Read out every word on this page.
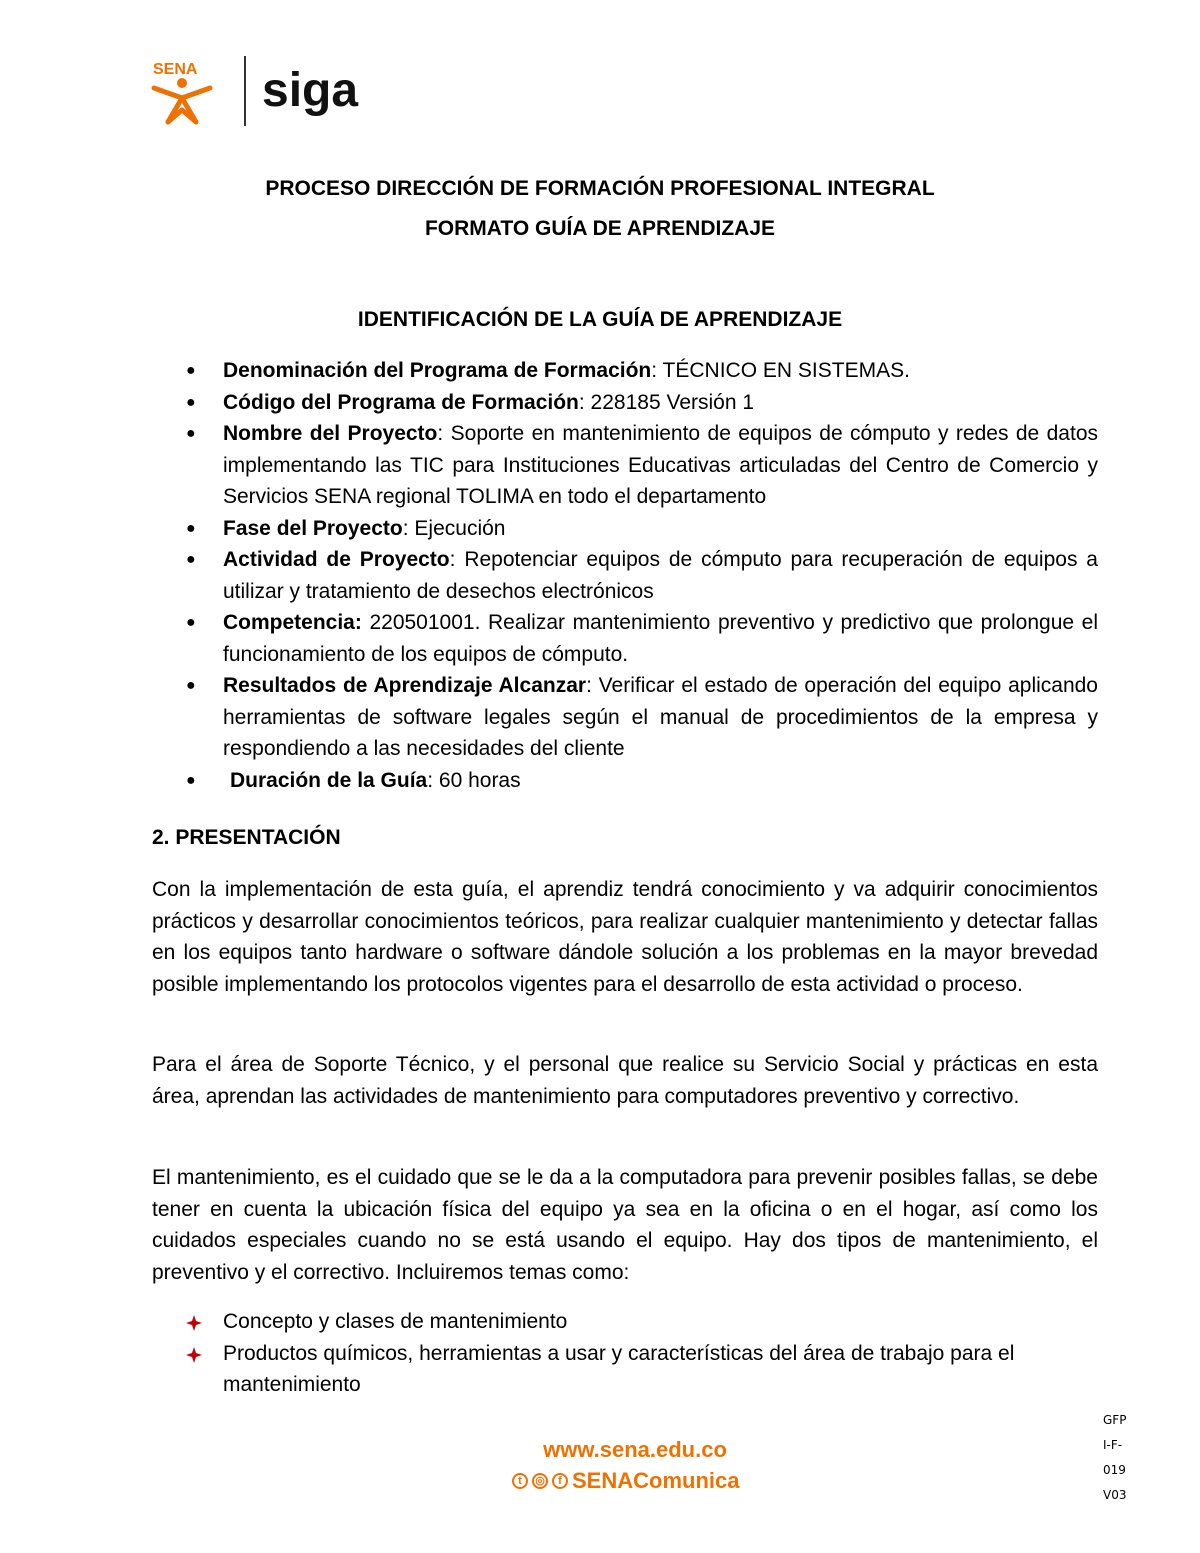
SENA siga
PROCESO DIRECCIÓN DE FORMACIÓN PROFESIONAL INTEGRAL
FORMATO GUÍA DE APRENDIZAJE
IDENTIFICACIÓN DE LA GUÍA DE APRENDIZAJE
● Denominación del Programa de Formación: TÉCNICO EN SISTEMAS.
● Código del Programa de Formación: 228185 Versión 1
● Nombre del Proyecto: Soporte en mantenimiento de equipos de cómputo y redes de datos implementando las TIC para Instituciones Educativas articuladas del Centro de Comercio y Servicios SENA regional TOLIMA en todo el departamento
● Fase del Proyecto: Ejecución
● Actividad de Proyecto: Repotenciar equipos de cómputo para recuperación de equipos a utilizar y tratamiento de desechos electrónicos
● Competencia: 220501001. Realizar mantenimiento preventivo y predictivo que prolongue el funcionamiento de los equipos de cómputo.
● Resultados de Aprendizaje Alcanzar: Verificar el estado de operación del equipo aplicando herramientas de software legales según el manual de procedimientos de la empresa y respondiendo a las necesidades del cliente
● Duración de la Guía: 60 horas
2. PRESENTACIÓN

Con la implementación de esta guía, el aprendiz tendrá conocimiento y va adquirir conocimientos prácticos y desarrollar conocimientos teóricos, para realizar cualquier mantenimiento y detectar fallas en los equipos tanto hardware o software dándole solución a los problemas en la mayor brevedad posible implementando los protocolos vigentes para el desarrollo de esta actividad o proceso.

Para el área de Soporte Técnico, y el personal que realice su Servicio Social y prácticas en esta área, aprendan las actividades de mantenimiento para computadores preventivo y correctivo.

El mantenimiento, es el cuidado que se le da a la computadora para prevenir posibles fallas, se debe tener en cuenta la ubicación física del equipo ya sea en la oficina o en el hogar, así como los cuidados especiales cuando no se está usando el equipo. Hay dos tipos de mantenimiento, el preventivo y el correctivo. Incluiremos temas como:

Concepto y clases de mantenimiento
Productos químicos, herramientas a usar y características del área de trabajo para el mantenimiento
www.sena.edu.co
t	◎	f SENAComunica
GFP
I-F-
019
V03
